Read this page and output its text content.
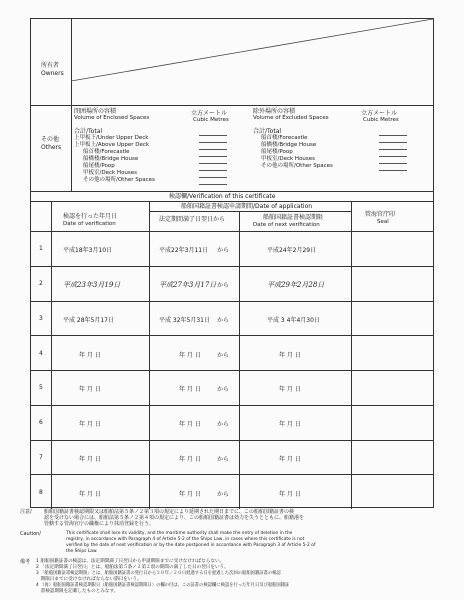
所有者
Owners
その他
Others
閉囲場所の容積
Volume of Enclosed Spaces
立方メートル
Cubic Metres
合計/Total
上甲板下/Under Upper Deck
上甲板上/Above Upper Deck
船首楼/Forecastle
船橋楼/Bridge House
船尾楼/Poop
甲板室/Deck Houses
その他の場所/Other Spaces
除外場所の容積
Volume of Excluded Spaces
立方メートル
Cubic Metres
合計/Total
船首楼/Forecastle
船橋楼/Bridge House
船尾楼/Poop
甲板室/Deck Houses
その他の場所/Other Spaces
検認欄/Verification of this certificate
船舶国籍証書検認申請期間/Date of application
検認を行った年月日
Date of verification
法定期間満了日翌日から	船舶国籍証書検認期限
Date of next verification
管海官庁印
Seal
1	平成18年3月10日	平成22年3月11日 から	平成24年2月29日
2	平成23年3月19日	平成27年3月17日 から	平成29年2月28日
3	平成 28年5月17日	平成 32年5月31日 から	平成 3 4年4月30日
4	年 月 日	年 月 日	から	年 月 日
5	年 月 日	年 月 日	から	年 月 日
6	年 月 日	年 月 日	から	年 月 日
7	年 月 日	年 月 日	から	年 月 日
8	年 月 日	年 月 日	から	年 月 日
注意/ 船舶国籍証書検認期限又は船舶法第５条ノ２第３項の規定により延期された期日までに、この船舶国籍証書の検
認を受けない場合には、船舶法第５条ノ２第４項の規定により、この船舶国籍証書は効力を失うとともに、船籍港を
管轄する管海官庁の職権により抹消登録を行う。
Caution/	This certificate shall lose its validity, and the maritime authority shall make the entry of deletion in the
registry, in accordance with Paragraph 4 of Article 5-2 of the Ships Law, in cases where this certificate is not
verified by the date of next verification or by the date postponed in accordance with Paragraph 3 of Article 5-2 of
the Ships Law.
備考 1 船舶国籍証書の検認は、法定期間満了日翌日から申請期限までに受けなければならない。
2 「法定期間満了日翌日」とは、船舶法第５条ノ２第２項の期間の満了した日の翌日をいう。
3 「船舶国籍証書検認期限」とは、船舶国籍証書の発行日から３０年／２０日経過する日を経過した次回の船舶国籍証書の検認
　期限日までに受けなければならない期日をいう。
4 （再）船舶国籍証書検認期限日（船舶国籍証書検認期限日）の欄の付は、この証書の検認欄に検認を行った年月日及び船舶国籍証
　書検認期限を記載したものとみなす。
